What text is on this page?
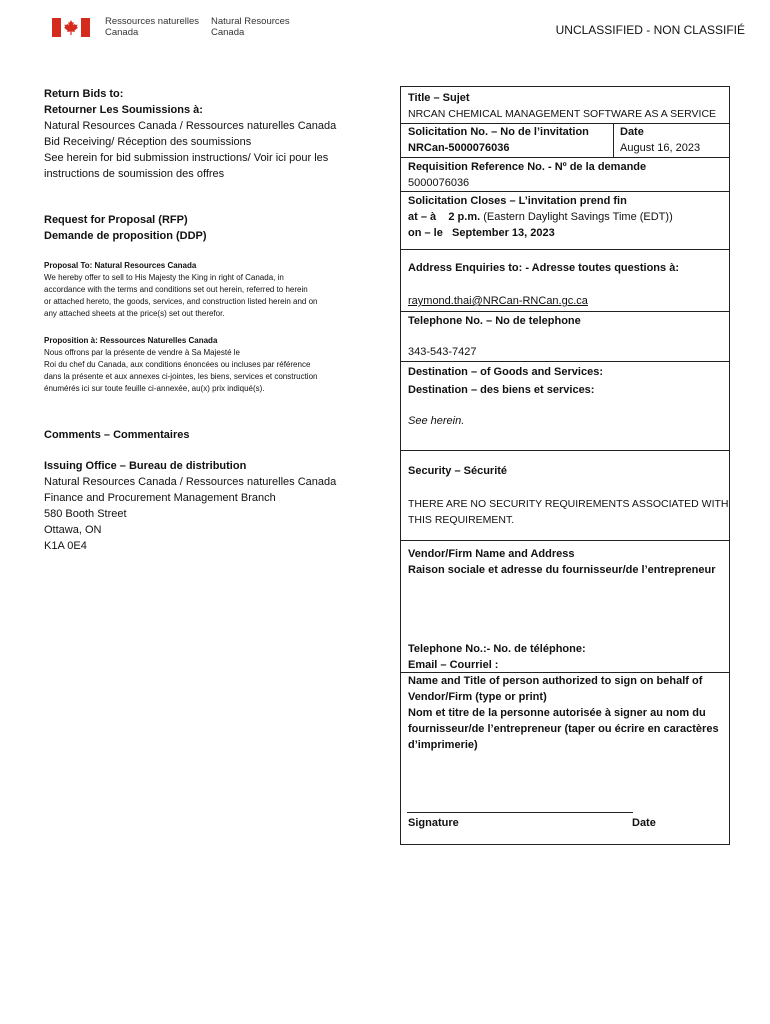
Ressources naturelles
Canada
Natural Resources
Canada	UNCLASSIFIED - NON CLASSIFIÉ
Return Bids to:
Retourner Les Soumissions à:
Natural Resources Canada / Ressources naturelles Canada
Bid Receiving/ Réception des soumissions
See herein for bid submission instructions/ Voir ici pour les
instructions de soumission des offres
Request for Proposal (RFP)
Demande de proposition (DDP)
Proposal To: Natural Resources Canada
We hereby offer to sell to His Majesty the King in right of Canada, in
accordance with the terms and conditions set out herein, referred to herein
or attached hereto, the goods, services, and construction listed herein and on
any attached sheets at the price(s) set out therefor.
Proposition à: Ressources Naturelles Canada
Nous offrons par la présente de vendre à Sa Majesté le
Roi du chef du Canada, aux conditions énoncées ou incluses par référence
dans la présente et aux annexes ci-jointes, les biens, services et construction
énumérés ici sur toute feuille ci-annexée, au(x) prix indiqué(s).
Comments – Commentaires
Issuing Office – Bureau de distribution
Natural Resources Canada / Ressources naturelles Canada
Finance and Procurement Management Branch
580 Booth Street
Ottawa, ON
K1A 0E4
Title – Sujet
NRCAN CHEMICAL MANAGEMENT SOFTWARE AS A SERVICE
Solicitation No. – No de l’invitation
NRCan-5000076036
Date
August 16, 2023
Requisition Reference No. - Nº de la demande
5000076036
Solicitation Closes – L’invitation prend fin
at – à 2 p.m. (Eastern Daylight Savings Time (EDT))
on – le September 13, 2023
Address Enquiries to: - Adresse toutes questions à:
raymond.thai@NRCan-RNCan.gc.ca
Telephone No. – No de telephone
343-543-7427
Destination – of Goods and Services:
Destination – des biens et services:
See herein.
Security – Sécurité
THERE ARE NO SECURITY REQUIREMENTS ASSOCIATED WITH
THIS REQUIREMENT.
Vendor/Firm Name and Address
Raison sociale et adresse du fournisseur/de l’entrepreneur
Telephone No.:- No. de téléphone:
Email – Courriel :
Name and Title of person authorized to sign on behalf of
Vendor/Firm (type or print)
Nom et titre de la personne autorisée à signer au nom du
fournisseur/de l’entrepreneur (taper ou écrire en caractères
d’imprimerie)
Signature	Date
